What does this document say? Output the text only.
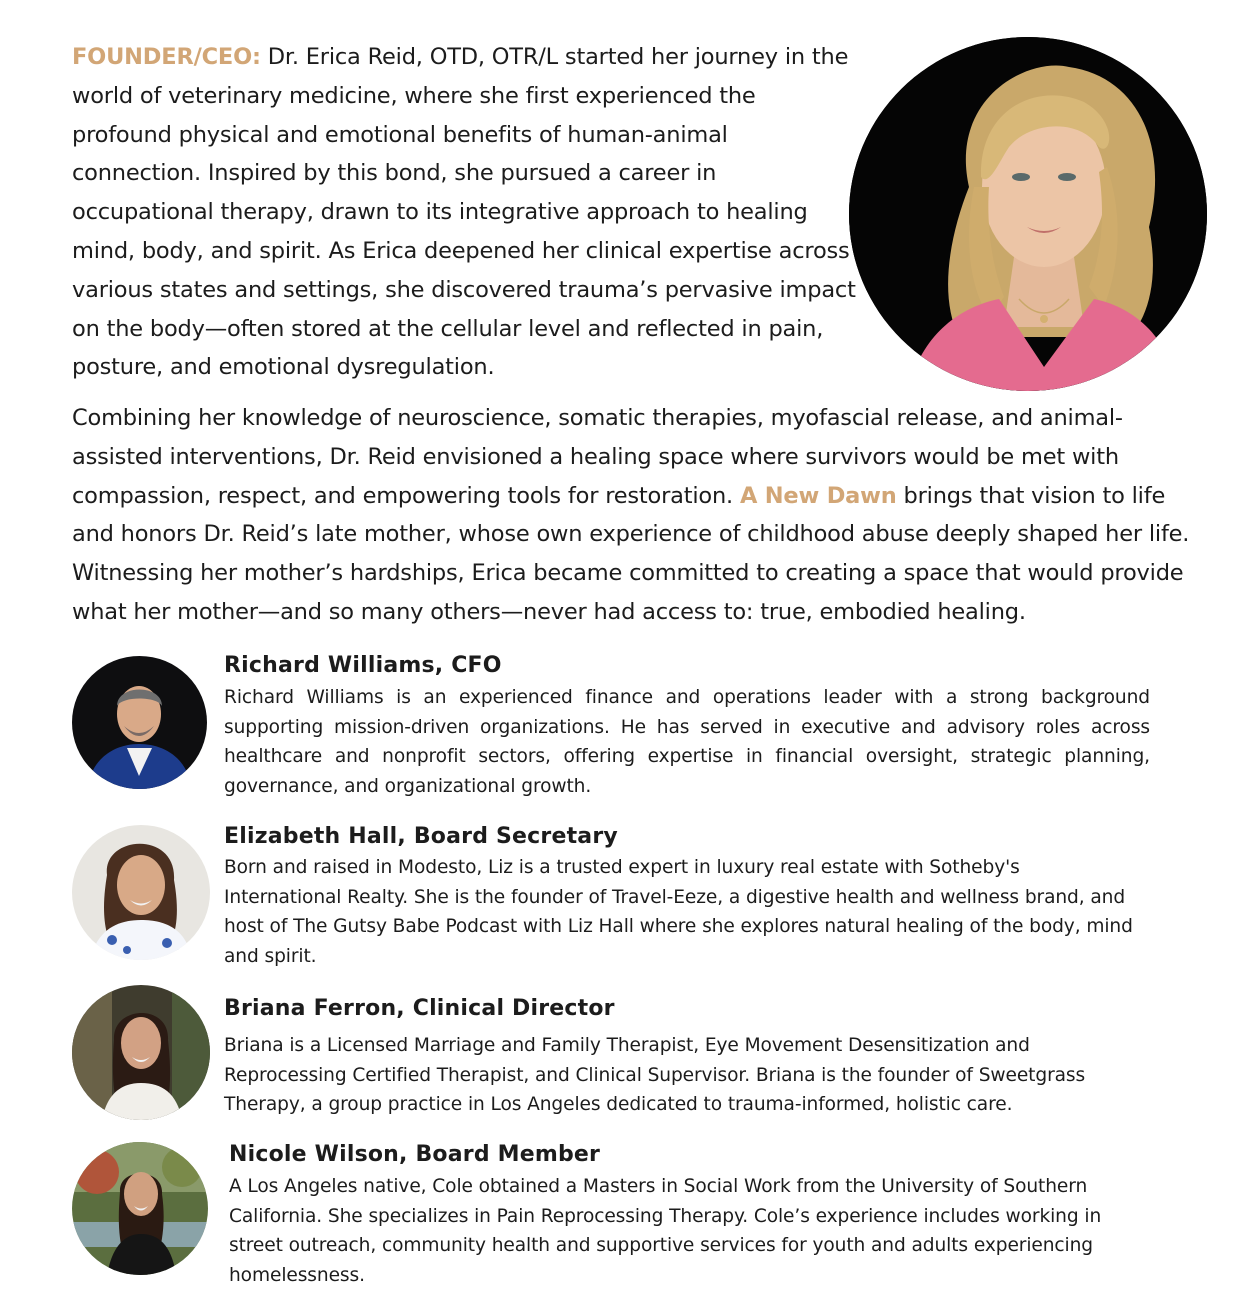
FOUNDER/CEO: Dr. Erica Reid, OTD, OTR/L started her journey in the world of veterinary medicine, where she first experienced the profound physical and emotional benefits of human-animal connection. Inspired by this bond, she pursued a career in occupational therapy, drawn to its integrative approach to healing mind, body, and spirit. As Erica deepened her clinical expertise across various states and settings, she discovered trauma’s pervasive impact on the body—often stored at the cellular level and reflected in pain, posture, and emotional dysregulation.

Combining her knowledge of neuroscience, somatic therapies, myofascial release, and animal-assisted interventions, Dr. Reid envisioned a healing space where survivors would be met with compassion, respect, and empowering tools for restoration. A New Dawn brings that vision to life and honors Dr. Reid’s late mother, whose own experience of childhood abuse deeply shaped her life. Witnessing her mother’s hardships, Erica became committed to creating a space that would provide what her mother—and so many others—never had access to: true, embodied healing.

Richard Williams, CFO

Richard Williams is an experienced finance and operations leader with a strong background supporting mission-driven organizations. He has served in executive and advisory roles across healthcare and nonprofit sectors, offering expertise in financial oversight, strategic planning, governance, and organizational growth.

Elizabeth Hall, Board Secretary

Born and raised in Modesto, Liz is a trusted expert in luxury real estate with Sotheby's International Realty. She is the founder of Travel-Eeze, a digestive health and wellness brand, and host of The Gutsy Babe Podcast with Liz Hall where she explores natural healing of the body, mind and spirit.

Briana Ferron, Clinical Director

Briana is a Licensed Marriage and Family Therapist, Eye Movement Desensitization and Reprocessing Certified Therapist, and Clinical Supervisor. Briana is the founder of Sweetgrass Therapy, a group practice in Los Angeles dedicated to trauma-informed, holistic care.

Nicole Wilson, Board Member

A Los Angeles native, Cole obtained a Masters in Social Work from the University of Southern California. She specializes in Pain Reprocessing Therapy. Cole’s experience includes working in street outreach, community health and supportive services for youth and adults experiencing homelessness.
